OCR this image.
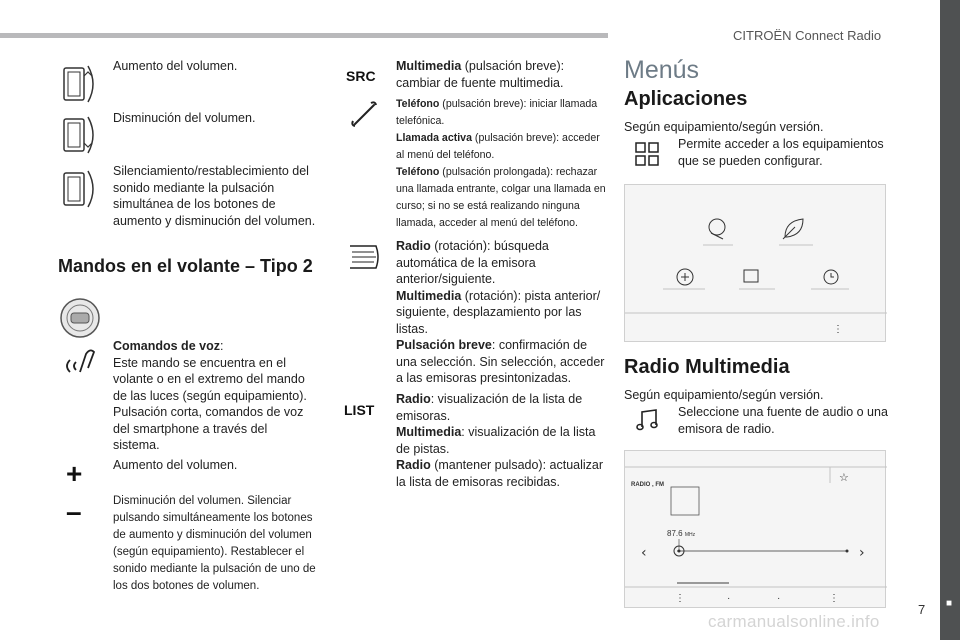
CITROËN Connect Radio
■
7
Aumento del volumen.
Disminución del volumen.
Silenciamiento/restablecimiento del sonido mediante la pulsación simultánea de los botones de aumento y disminución del volumen.
Mandos en el volante – Tipo 2
Comandos de voz:
Este mando se encuentra en el volante o en el extremo del mando de las luces (según equipamiento). Pulsación corta, comandos de voz del smartphone a través del sistema.
+ Aumento del volumen.
–	Disminución del volumen. Silenciar pulsando simultáneamente los botones de aumento y disminución del volumen (según equipamiento). Restablecer el sonido mediante la pulsación de uno de los dos botones de volumen.
SRC
Multimedia (pulsación breve): cambiar de fuente multimedia.
Teléfono (pulsación breve): iniciar llamada telefónica.
Llamada activa (pulsación breve): acceder al menú del teléfono.
Teléfono (pulsación prolongada): rechazar una llamada entrante, colgar una llamada en curso; si no se está realizando ninguna llamada, acceder al menú del teléfono.
Radio (rotación): búsqueda automática de la emisora anterior/siguiente.
Multimedia (rotación): pista anterior/ siguiente, desplazamiento por las listas.
Pulsación breve: confirmación de una selección. Sin selección, acceder a las emisoras presintonizadas.
LIST
Radio: visualización de la lista de emisoras.
Multimedia: visualización de la lista de pistas.
Radio (mantener pulsado): actualizar la lista de emisoras recibidas.
Menús
Aplicaciones
Según equipamiento/según versión.
Permite acceder a los equipamientos que se pueden configurar.
⋮
Radio Multimedia
Según equipamiento/según versión.
Seleccione una fuente de audio o una emisora de radio.
☆
‹	›
⋮	·	·	⋮
RADIO , FM
87.6 MHz
carmanualsonline.info
